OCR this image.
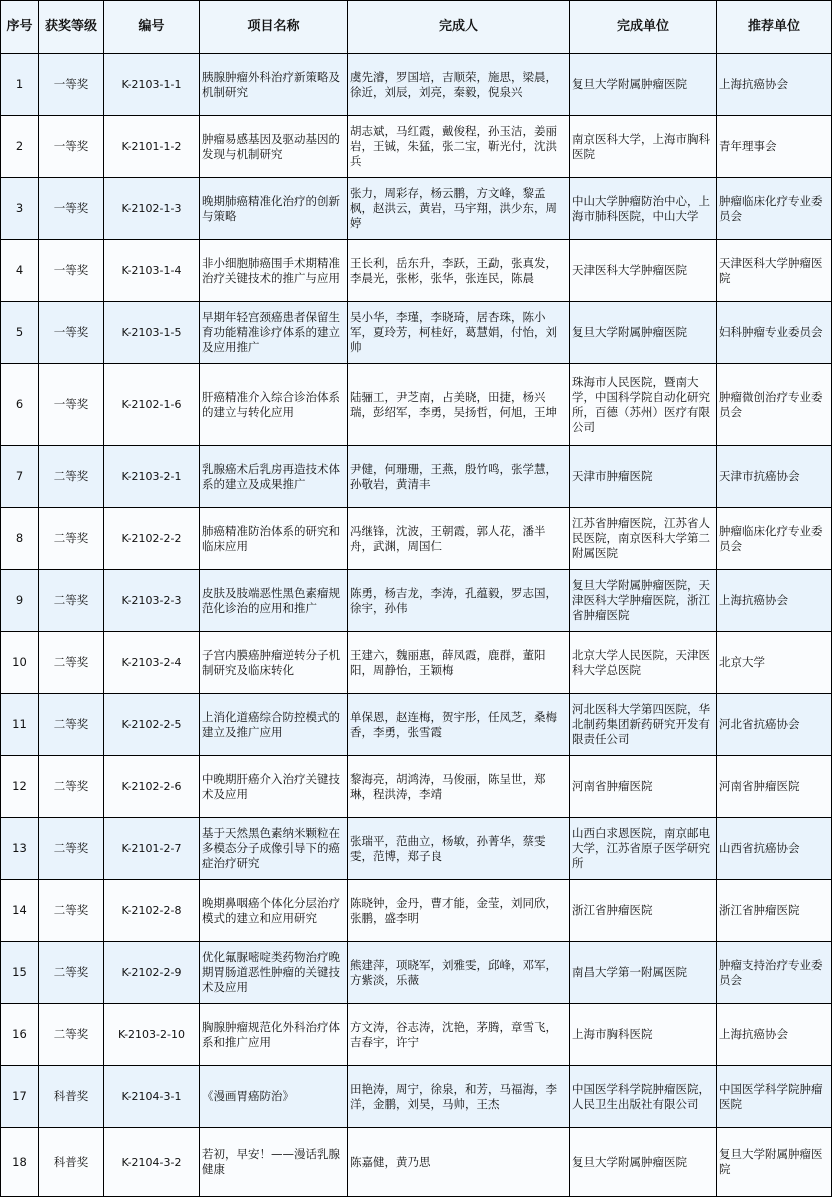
序号	获奖等级	编号	项目名称	完成人	完成单位	推荐单位
1	一等奖	K-2103-1-1	胰腺肿瘤外科治疗新策略及机制研究	虞先濬，罗国培，吉顺荣，施思，梁晨，徐近，刘辰，刘亮，秦毅，倪泉兴	复旦大学附属肿瘤医院	上海抗癌协会
2	一等奖	K-2101-1-2	肿瘤易感基因及驱动基因的发现与机制研究	胡志斌，马红霞，戴俊程，孙玉洁，姜丽岩，王铖，朱猛，张二宝，靳光付，沈洪兵	南京医科大学，上海市胸科医院	青年理事会
3	一等奖	K-2102-1-3	晚期肺癌精准化治疗的创新与策略	张力，周彩存，杨云鹏，方文峰，黎孟枫，赵洪云，黄岩，马宇翔，洪少东，周婷	中山大学肿瘤防治中心，上海市肺科医院，中山大学	肿瘤临床化疗专业委员会
4	一等奖	K-2103-1-4	非小细胞肺癌围手术期精准治疗关键技术的推广与应用	王长利，岳东升，李跃，王勐，张真发，李晨光，张彬，张华，张连民，陈晨	天津医科大学肿瘤医院	天津医科大学肿瘤医院
5	一等奖	K-2103-1-5	早期年轻宫颈癌患者保留生育功能精准诊疗体系的建立及应用推广	吴小华，李瑾，李晓琦，居杏珠，陈小军，夏玲芳，柯桂好，葛慧娟，付怡，刘帅	复旦大学附属肿瘤医院	妇科肿瘤专业委员会
6	一等奖	K-2102-1-6	肝癌精准介入综合诊治体系的建立与转化应用	陆骊工，尹芝南，占美晓，田捷，杨兴瑞，彭绍军，李勇，吴扬哲，何旭，王坤	珠海市人民医院，暨南大学，中国科学院自动化研究所，百德（苏州）医疗有限公司	肿瘤微创治疗专业委员会
7	二等奖	K-2103-2-1	乳腺癌术后乳房再造技术体系的建立及成果推广	尹健，何珊珊，王燕，殷竹鸣，张学慧，孙敬岩，黄清丰	天津市肿瘤医院	天津市抗癌协会
8	二等奖	K-2102-2-2	肺癌精准防治体系的研究和临床应用	冯继锋，沈波，王朝霞，郭人花，潘半舟，武渊，周国仁	江苏省肿瘤医院，江苏省人民医院，南京医科大学第二附属医院	肿瘤临床化疗专业委员会
9	二等奖	K-2103-2-3	皮肤及肢端恶性黑色素瘤规范化诊治的应用和推广	陈勇，杨吉龙，李涛，孔蕴毅，罗志国，徐宇，孙伟	复旦大学附属肿瘤医院，天津医科大学肿瘤医院，浙江省肿瘤医院	上海抗癌协会
10	二等奖	K-2103-2-4	子宫内膜癌肿瘤逆转分子机制研究及临床转化	王建六，魏丽惠，薛凤霞，鹿群，董阳阳，周静怡，王颖梅	北京大学人民医院，天津医科大学总医院	北京大学
11	二等奖	K-2102-2-5	上消化道癌综合防控模式的建立及推广应用	单保恩，赵连梅，贺宇彤，任凤芝，桑梅香，李勇，张雪霞	河北医科大学第四医院，华北制药集团新药研究开发有限责任公司	河北省抗癌协会
12	二等奖	K-2102-2-6	中晚期肝癌介入治疗关键技术及应用	黎海亮，胡鸿涛，马俊丽，陈呈世，郑琳，程洪涛，李靖	河南省肿瘤医院	河南省肿瘤医院
13	二等奖	K-2101-2-7	基于天然黑色素纳米颗粒在多模态分子成像引导下的癌症治疗研究	张瑞平，范曲立，杨敏，孙菁华，蔡雯雯，范博，郑子良	山西白求恩医院，南京邮电大学，江苏省原子医学研究所	山西省抗癌协会
14	二等奖	K-2102-2-8	晚期鼻咽癌个体化分层治疗模式的建立和应用研究	陈晓钟，金丹，曹才能，金莹，刘同欣，张鹏，盛李明	浙江省肿瘤医院	浙江省肿瘤医院
15	二等奖	K-2102-2-9	优化氟脲嘧啶类药物治疗晚期胃肠道恶性肿瘤的关键技术及应用	熊建萍，项晓军，刘雅雯，邱峰，邓军，方紫淡，乐薇	南昌大学第一附属医院	肿瘤支持治疗专业委员会
16	二等奖	K-2103-2-10	胸腺肿瘤规范化外科治疗体系和推广应用	方文涛，谷志涛，沈艳，茅腾，章雪飞，吉春宇，许宁	上海市胸科医院	上海抗癌协会
17	科普奖	K-2104-3-1	《漫画胃癌防治》	田艳涛，周宁，徐泉，和芳，马福海，李洋，金鹏，刘昊，马帅，王杰	中国医学科学院肿瘤医院，人民卫生出版社有限公司	中国医学科学院肿瘤医院
18	科普奖	K-2104-3-2	若初，早安！——漫话乳腺健康	陈嘉健，黄乃思	复旦大学附属肿瘤医院	复旦大学附属肿瘤医院
